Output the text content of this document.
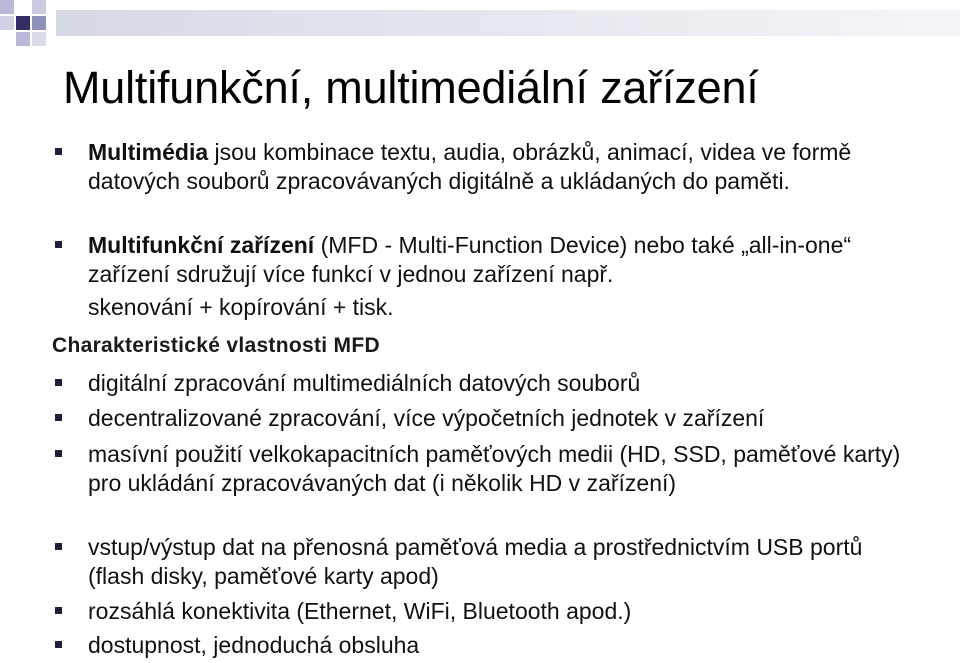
Multifunkční, multimediální zařízení

Multimédia jsou kombinace textu, audia, obrázků, animací, videa ve formě datových souborů zpracovávaných digitálně a ukládaných do paměti.

Multifunkční zařízení (MFD - Multi-Function Device) nebo také „all-in-one“ zařízení sdružují více funkcí v jednou zařízení např.
skenování + kopírování + tisk.

Charakteristické vlastnosti MFD

digitální zpracování multimediálních datových souborů

decentralizované zpracování, více výpočetních jednotek v zařízení

masívní použití velkokapacitních paměťových medii (HD, SSD, paměťové karty) pro ukládání zpracovávaných dat (i několik HD v zařízení)

vstup/výstup dat na přenosná paměťová media a prostřednictvím USB portů (flash disky, paměťové karty apod)

rozsáhlá konektivita (Ethernet, WiFi, Bluetooth apod.)

dostupnost, jednoduchá obsluha
